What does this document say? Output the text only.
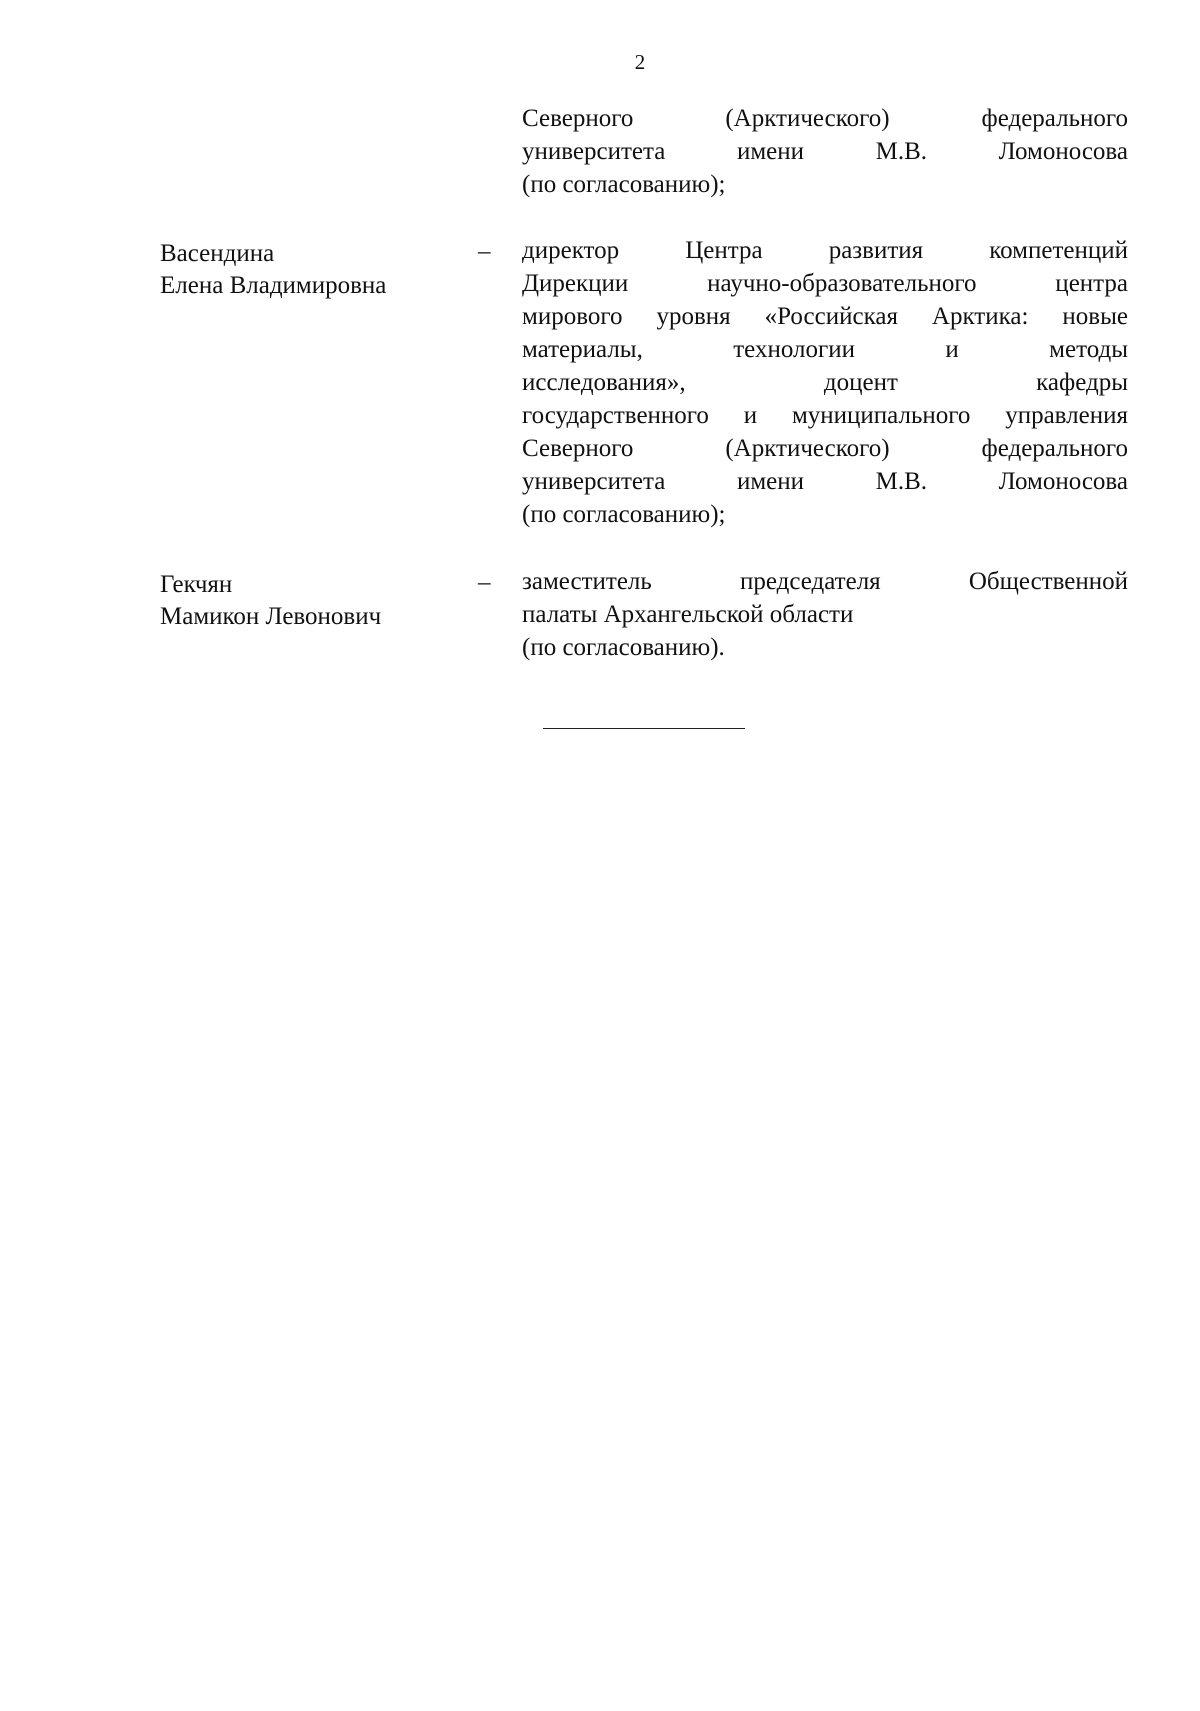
2
Северного (Арктического) федерального
университета имени М.В. Ломоносова
(по согласованию);
Васендина
Елена Владимировна
– директор Центра развития компетенций
Дирекции научно-образовательного центра
мирового уровня «Российская Арктика: новые
материалы, технологии и методы
исследования», доцент кафедры
государственного и муниципального управления
Северного (Арктического) федерального
университета имени М.В. Ломоносова
(по согласованию);
Гекчян
Мамикон Левонович
– заместитель председателя Общественной
палаты Архангельской области
(по согласованию).
